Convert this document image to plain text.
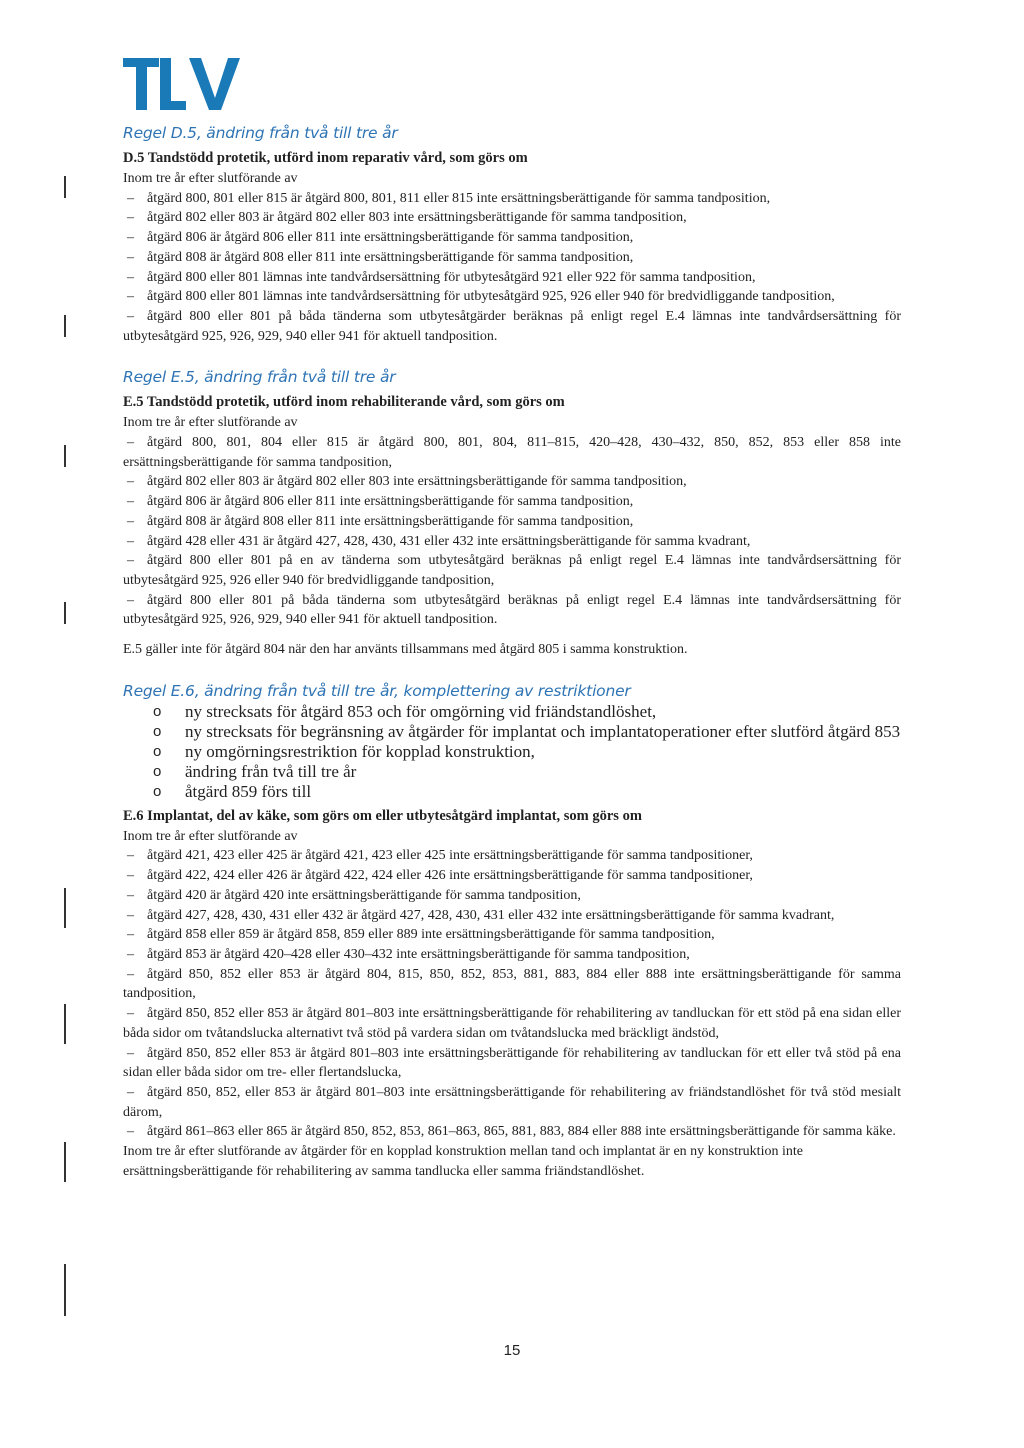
Regel D.5, ändring från två till tre år

D.5 Tandstödd protetik, utförd inom reparativ vård, som görs om

Inom tre år efter slutförande av

– åtgärd 800, 801 eller 815 är åtgärd 800, 801, 811 eller 815 inte ersättningsberättigande för samma tandposition,
– åtgärd 802 eller 803 är åtgärd 802 eller 803 inte ersättningsberättigande för samma tandposition,
– åtgärd 806 är åtgärd 806 eller 811 inte ersättningsberättigande för samma tandposition,
– åtgärd 808 är åtgärd 808 eller 811 inte ersättningsberättigande för samma tandposition,
– åtgärd 800 eller 801 lämnas inte tandvårdsersättning för utbytesåtgärd 921 eller 922 för samma tandposition,
– åtgärd 800 eller 801 lämnas inte tandvårdsersättning för utbytesåtgärd 925, 926 eller 940 för bredvidliggande tandposition,
– åtgärd 800 eller 801 på båda tänderna som utbytesåtgärder beräknas på enligt regel E.4 lämnas inte tandvårdsersättning för utbytesåtgärd 925, 926, 929, 940 eller 941 för aktuell tandposition.
Regel E.5, ändring från två till tre år

E.5 Tandstödd protetik, utförd inom rehabiliterande vård, som görs om

Inom tre år efter slutförande av

– åtgärd 800, 801, 804 eller 815 är åtgärd 800, 801, 804, 811–815, 420–428, 430–432, 850, 852, 853 eller 858 inte ersättningsberättigande för samma tandposition,
– åtgärd 802 eller 803 är åtgärd 802 eller 803 inte ersättningsberättigande för samma tandposition,
– åtgärd 806 är åtgärd 806 eller 811 inte ersättningsberättigande för samma tandposition,
– åtgärd 808 är åtgärd 808 eller 811 inte ersättningsberättigande för samma tandposition,
– åtgärd 428 eller 431 är åtgärd 427, 428, 430, 431 eller 432 inte ersättningsberättigande för samma kvadrant,
– åtgärd 800 eller 801 på en av tänderna som utbytesåtgärd beräknas på enligt regel E.4 lämnas inte tandvårdsersättning för utbytesåtgärd 925, 926 eller 940 för bredvidliggande tandposition,
– åtgärd 800 eller 801 på båda tänderna som utbytesåtgärd beräknas på enligt regel E.4 lämnas inte tandvårdsersättning för utbytesåtgärd 925, 926, 929, 940 eller 941 för aktuell tandposition.

E.5 gäller inte för åtgärd 804 när den har använts tillsammans med åtgärd 805 i samma konstruktion.

Regel E.6, ändring från två till tre år, komplettering av restriktioner
o ny strecksats för åtgärd 853 och för omgörning vid friändstandlöshet,
o ny strecksats för begränsning av åtgärder för implantat och implantatoperationer efter slutförd åtgärd 853
o ny omgörningsrestriktion för kopplad konstruktion,
o ändring från två till tre år
o åtgärd 859 förs till

E.6 Implantat, del av käke, som görs om eller utbytesåtgärd implantat, som görs om

Inom tre år efter slutförande av

– åtgärd 421, 423 eller 425 är åtgärd 421, 423 eller 425 inte ersättningsberättigande för samma tandpositioner,
– åtgärd 422, 424 eller 426 är åtgärd 422, 424 eller 426 inte ersättningsberättigande för samma tandpositioner,
– åtgärd 420 är åtgärd 420 inte ersättningsberättigande för samma tandposition,
– åtgärd 427, 428, 430, 431 eller 432 är åtgärd 427, 428, 430, 431 eller 432 inte ersättningsberättigande för samma kvadrant,
– åtgärd 858 eller 859 är åtgärd 858, 859 eller 889 inte ersättningsberättigande för samma tandposition,
– åtgärd 853 är åtgärd 420–428 eller 430–432 inte ersättningsberättigande för samma tandposition,
– åtgärd 850, 852 eller 853 är åtgärd 804, 815, 850, 852, 853, 881, 883, 884 eller 888 inte ersättningsberättigande för samma tandposition,
– åtgärd 850, 852 eller 853 är åtgärd 801–803 inte ersättningsberättigande för rehabilitering av tandluckan för ett stöd på ena sidan eller båda sidor om tvåtandslucka alternativt två stöd på vardera sidan om tvåtandslucka med bräckligt ändstöd,
– åtgärd 850, 852 eller 853 är åtgärd 801–803 inte ersättningsberättigande för rehabilitering av tandluckan för ett eller två stöd på ena sidan eller båda sidor om tre- eller flertandslucka,
– åtgärd 850, 852, eller 853 är åtgärd 801–803 inte ersättningsberättigande för rehabilitering av friändstandlöshet för två stöd mesialt därom,
– åtgärd 861–863 eller 865 är åtgärd 850, 852, 853, 861–863, 865, 881, 883, 884 eller 888 inte ersättningsberättigande för samma käke.

Inom tre år efter slutförande av åtgärder för en kopplad konstruktion mellan tand och implantat är en ny konstruktion inte ersättningsberättigande för rehabilitering av samma tandlucka eller samma friändstandlöshet.

15
